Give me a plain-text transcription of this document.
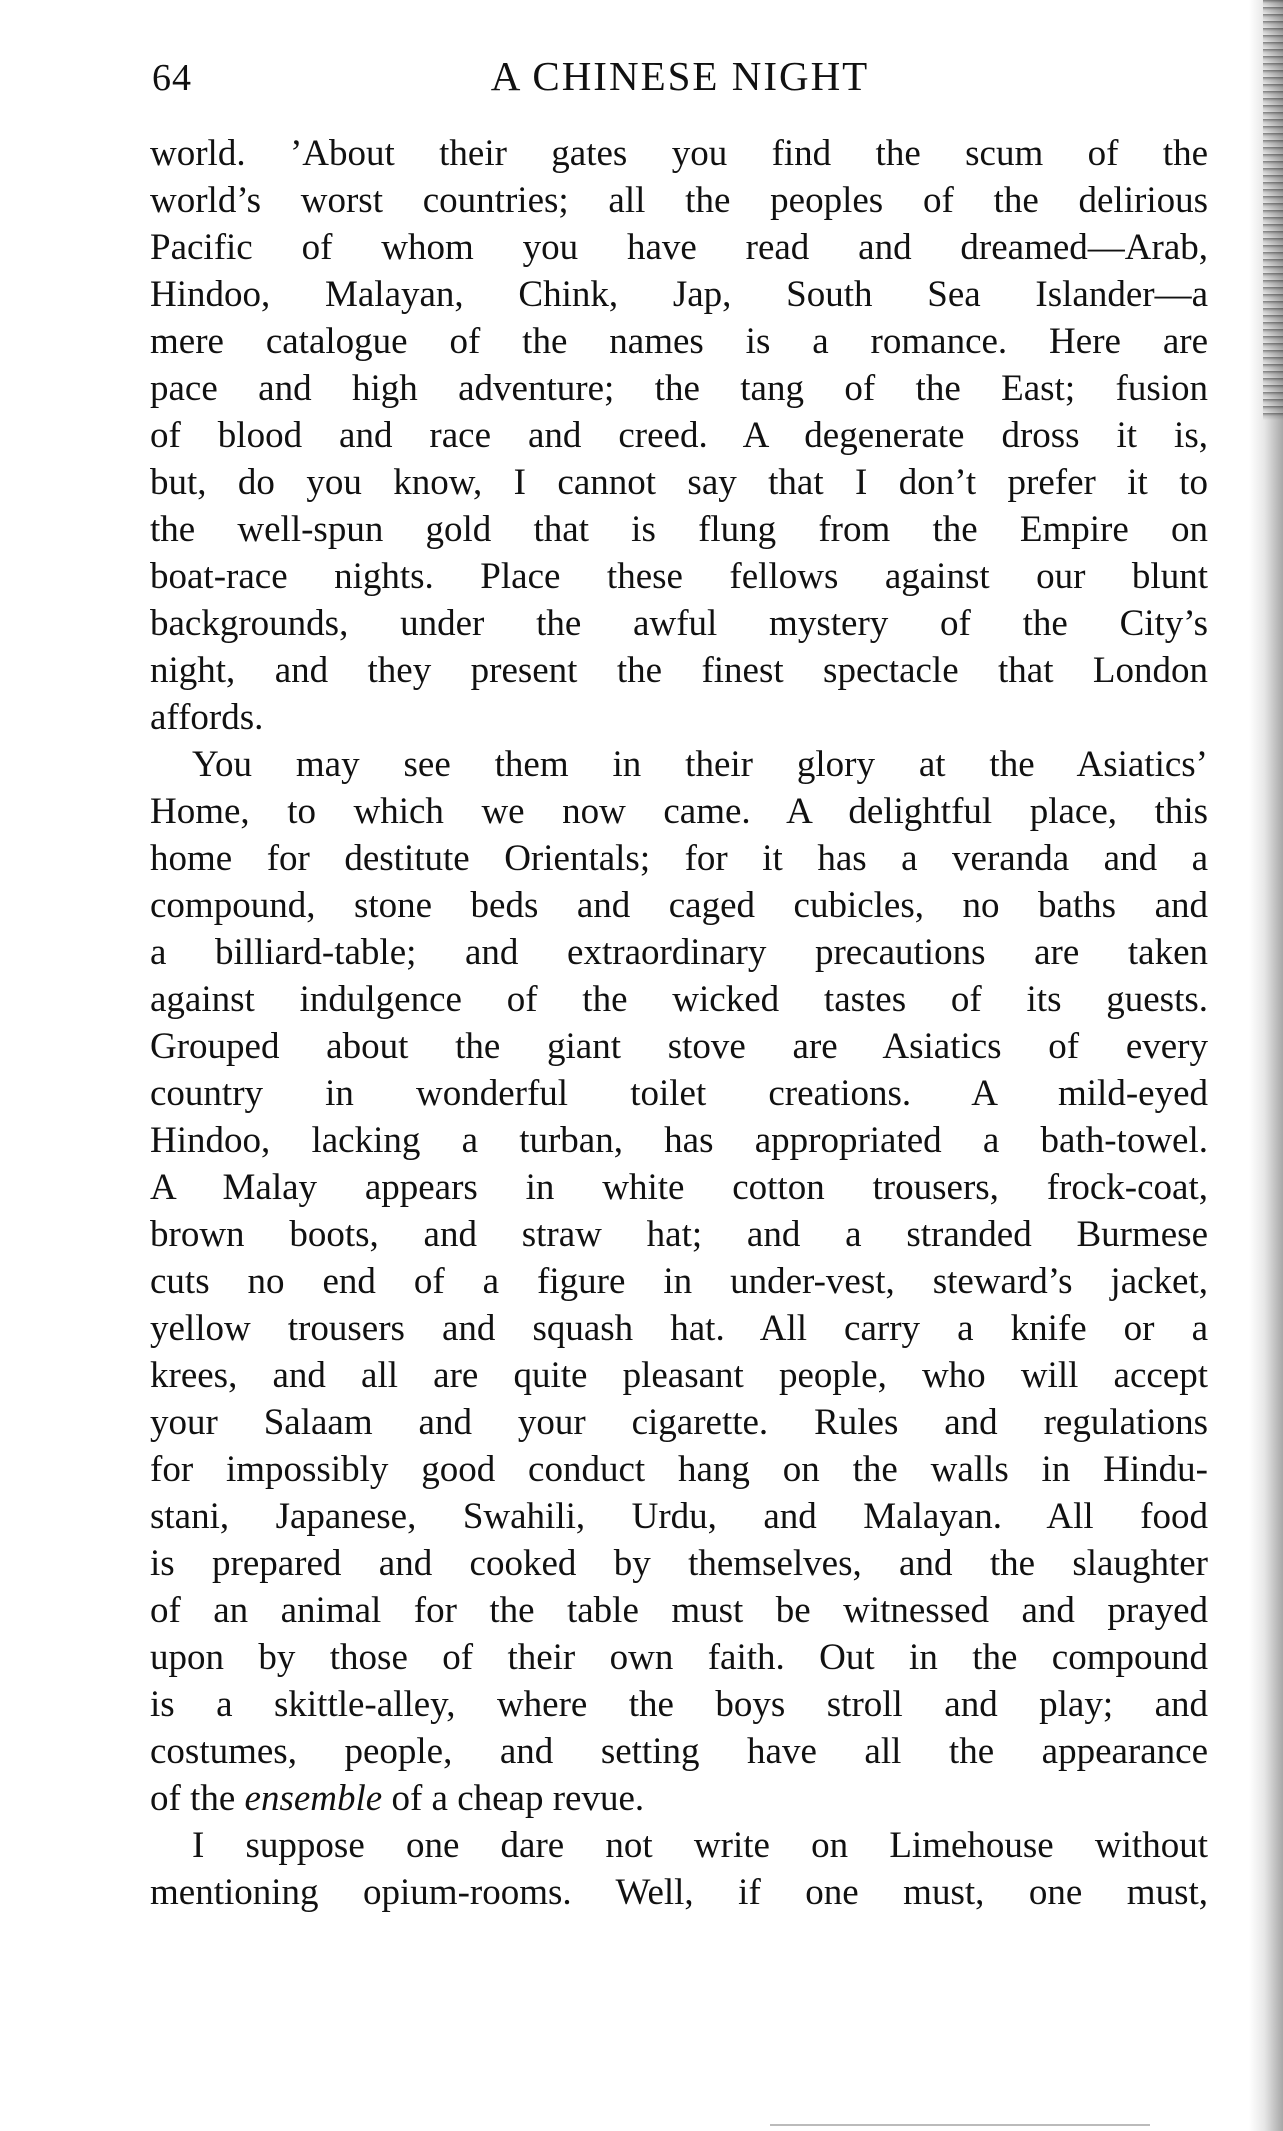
64	A CHINESE NIGHT
world. ’About their gates you find the scum of the
world’s worst countries; all the peoples of the delirious
Pacific of whom you have read and dreamed—Arab,
Hindoo, Malayan, Chink, Jap, South Sea Islander—a
mere catalogue of the names is a romance. Here are
pace and high adventure; the tang of the East; fusion
of blood and race and creed. A degenerate dross it is,
but, do you know, I cannot say that I don’t prefer it to
the well-spun gold that is flung from the Empire on
boat-race nights. Place these fellows against our blunt
backgrounds, under the awful mystery of the City’s
night, and they present the finest spectacle that London
affords.
You may see them in their glory at the Asiatics’
Home, to which we now came. A delightful place, this
home for destitute Orientals; for it has a veranda and a
compound, stone beds and caged cubicles, no baths and
a billiard-table; and extraordinary precautions are taken
against indulgence of the wicked tastes of its guests.
Grouped about the giant stove are Asiatics of every
country in wonderful toilet creations. A mild-eyed
Hindoo, lacking a turban, has appropriated a bath-towel.
A Malay appears in white cotton trousers, frock-coat,
brown boots, and straw hat; and a stranded Burmese
cuts no end of a figure in under-vest, steward’s jacket,
yellow trousers and squash hat. All carry a knife or a
krees, and all are quite pleasant people, who will accept
your Salaam and your cigarette. Rules and regulations
for impossibly good conduct hang on the walls in Hindu-
stani, Japanese, Swahili, Urdu, and Malayan. All food
is prepared and cooked by themselves, and the slaughter
of an animal for the table must be witnessed and prayed
upon by those of their own faith. Out in the compound
is a skittle-alley, where the boys stroll and play; and
costumes, people, and setting have all the appearance
of the ensemble of a cheap revue.
I suppose one dare not write on Limehouse without
mentioning opium-rooms. Well, if one must, one must,
